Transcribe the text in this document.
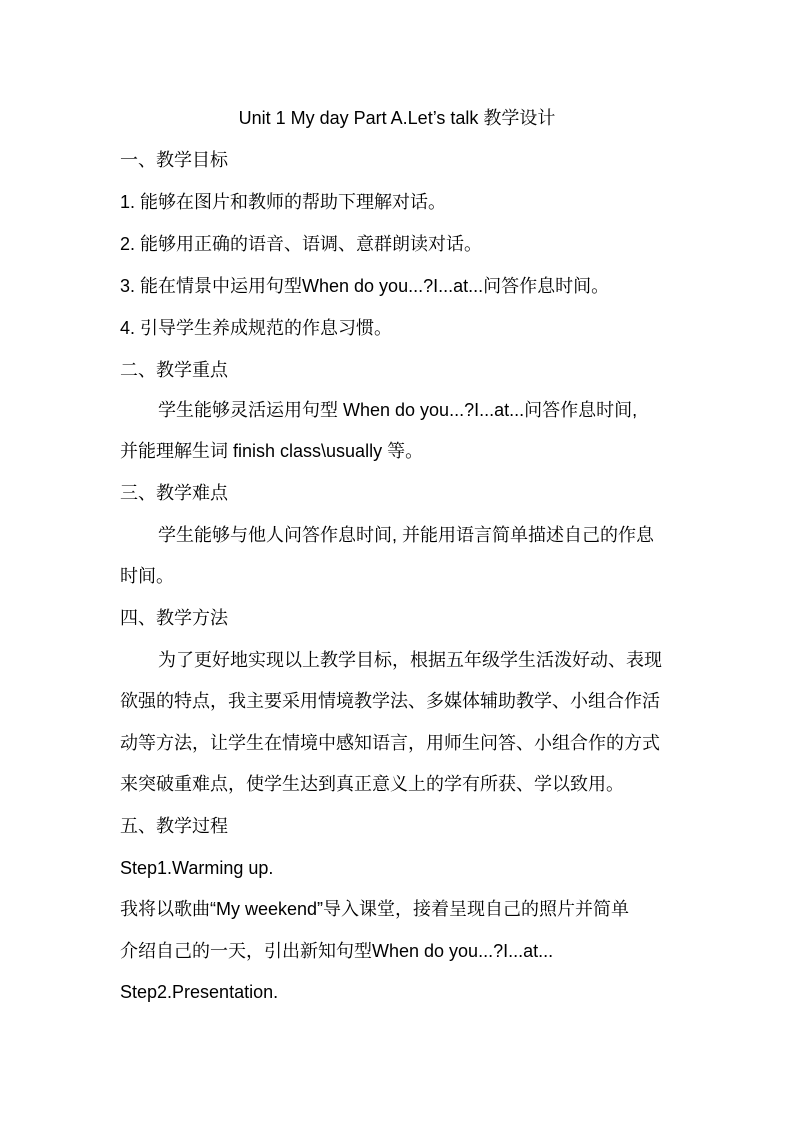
Unit 1 My day Part A.Let’s talk 教学设计
一、教学目标
1. 能够在图片和教师的帮助下理解对话。
2. 能够用正确的语音、语调、意群朗读对话。
3. 能在情景中运用句型When do you...?I...at...问答作息时间。
4. 引导学生养成规范的作息习惯。
二、教学重点
学生能够灵活运用句型 When do you...?I...at...问答作息时间,
并能理解生词 finish class\usually 等。
三、教学难点
学生能够与他人问答作息时间, 并能用语言简单描述自己的作息
时间。
四、教学方法
为了更好地实现以上教学目标，根据五年级学生活泼好动、表现
欲强的特点，我主要采用情境教学法、多媒体辅助教学、小组合作活
动等方法，让学生在情境中感知语言，用师生问答、小组合作的方式
来突破重难点，使学生达到真正意义上的学有所获、学以致用。
五、教学过程
Step1.Warming up.
我将以歌曲“My weekend”导入课堂，接着呈现自己的照片并简单
介绍自己的一天，引出新知句型When do you...?I...at...
Step2.Presentation.
